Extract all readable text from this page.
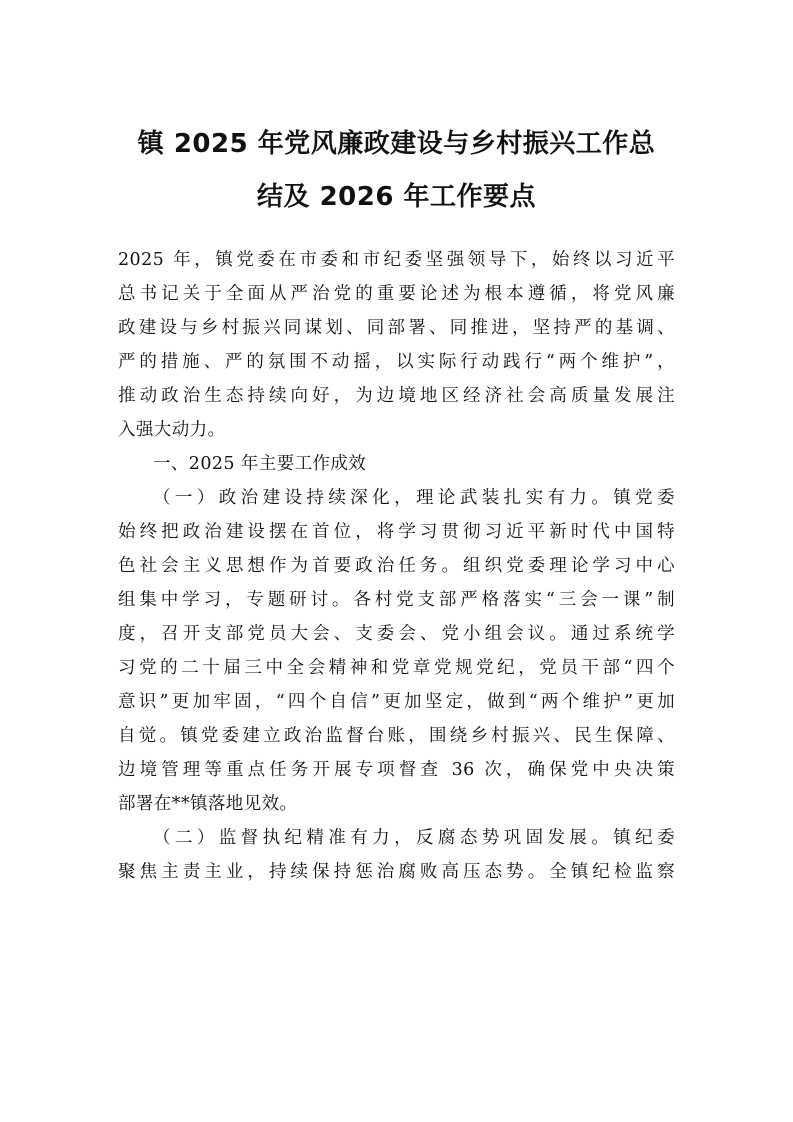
镇 2025 年党风廉政建设与乡村振兴工作总
结及 2026 年工作要点
2025 年，镇党委在市委和市纪委坚强领导下，始终以习近平
总书记关于全面从严治党的重要论述为根本遵循，将党风廉
政建设与乡村振兴同谋划、同部署、同推进，坚持严的基调、
严的措施、严的氛围不动摇，以实际行动践行“两个维护”，
推动政治生态持续向好，为边境地区经济社会高质量发展注
入强大动力。
一、2025 年主要工作成效
（一）政治建设持续深化，理论武装扎实有力。镇党委
始终把政治建设摆在首位，将学习贯彻习近平新时代中国特
色社会主义思想作为首要政治任务。组织党委理论学习中心
组集中学习，专题研讨。各村党支部严格落实“三会一课”制
度，召开支部党员大会、支委会、党小组会议。通过系统学
习党的二十届三中全会精神和党章党规党纪，党员干部“四个
意识”更加牢固，“四个自信”更加坚定，做到“两个维护”更加
自觉。镇党委建立政治监督台账，围绕乡村振兴、民生保障、
边境管理等重点任务开展专项督查 36 次，确保党中央决策
部署在**镇落地见效。
（二）监督执纪精准有力，反腐态势巩固发展。镇纪委
聚焦主责主业，持续保持惩治腐败高压态势。全镇纪检监察
